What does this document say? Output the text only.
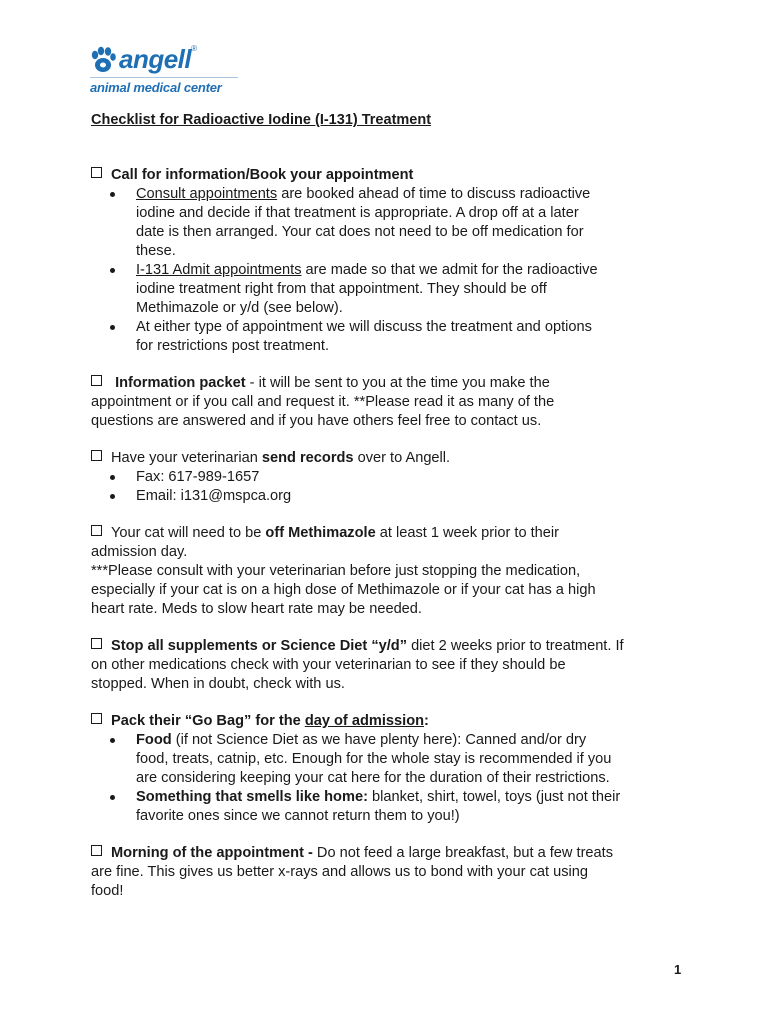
angell®
animal medical center
Checklist for Radioactive Iodine (I-131) Treatment
Call for information/Book your appointment
Consult appointments are booked ahead of time to discuss radioactive
iodine and decide if that treatment is appropriate. A drop off at a later
date is then arranged. Your cat does not need to be off medication for
these.
I-131 Admit appointments are made so that we admit for the radioactive
iodine treatment right from that appointment. They should be off
Methimazole or y/d (see below).
At either type of appointment we will discuss the treatment and options
for restrictions post treatment.
Information packet - it will be sent to you at the time you make the
appointment or if you call and request it. **Please read it as many of the
questions are answered and if you have others feel free to contact us.
Have your veterinarian send records over to Angell.
Fax: 617-989-1657
Email: i131@mspca.org
Your cat will need to be off Methimazole at least 1 week prior to their
admission day.
***Please consult with your veterinarian before just stopping the medication,
especially if your cat is on a high dose of Methimazole or if your cat has a high
heart rate. Meds to slow heart rate may be needed.
Stop all supplements or Science Diet “y/d” diet 2 weeks prior to treatment. If
on other medications check with your veterinarian to see if they should be
stopped. When in doubt, check with us.
Pack their “Go Bag” for the day of admission:
Food (if not Science Diet as we have plenty here): Canned and/or dry
food, treats, catnip, etc. Enough for the whole stay is recommended if you
are considering keeping your cat here for the duration of their restrictions.
Something that smells like home: blanket, shirt, towel, toys (just not their
favorite ones since we cannot return them to you!)
Morning of the appointment - Do not feed a large breakfast, but a few treats
are fine. This gives us better x-rays and allows us to bond with your cat using
food!
1
